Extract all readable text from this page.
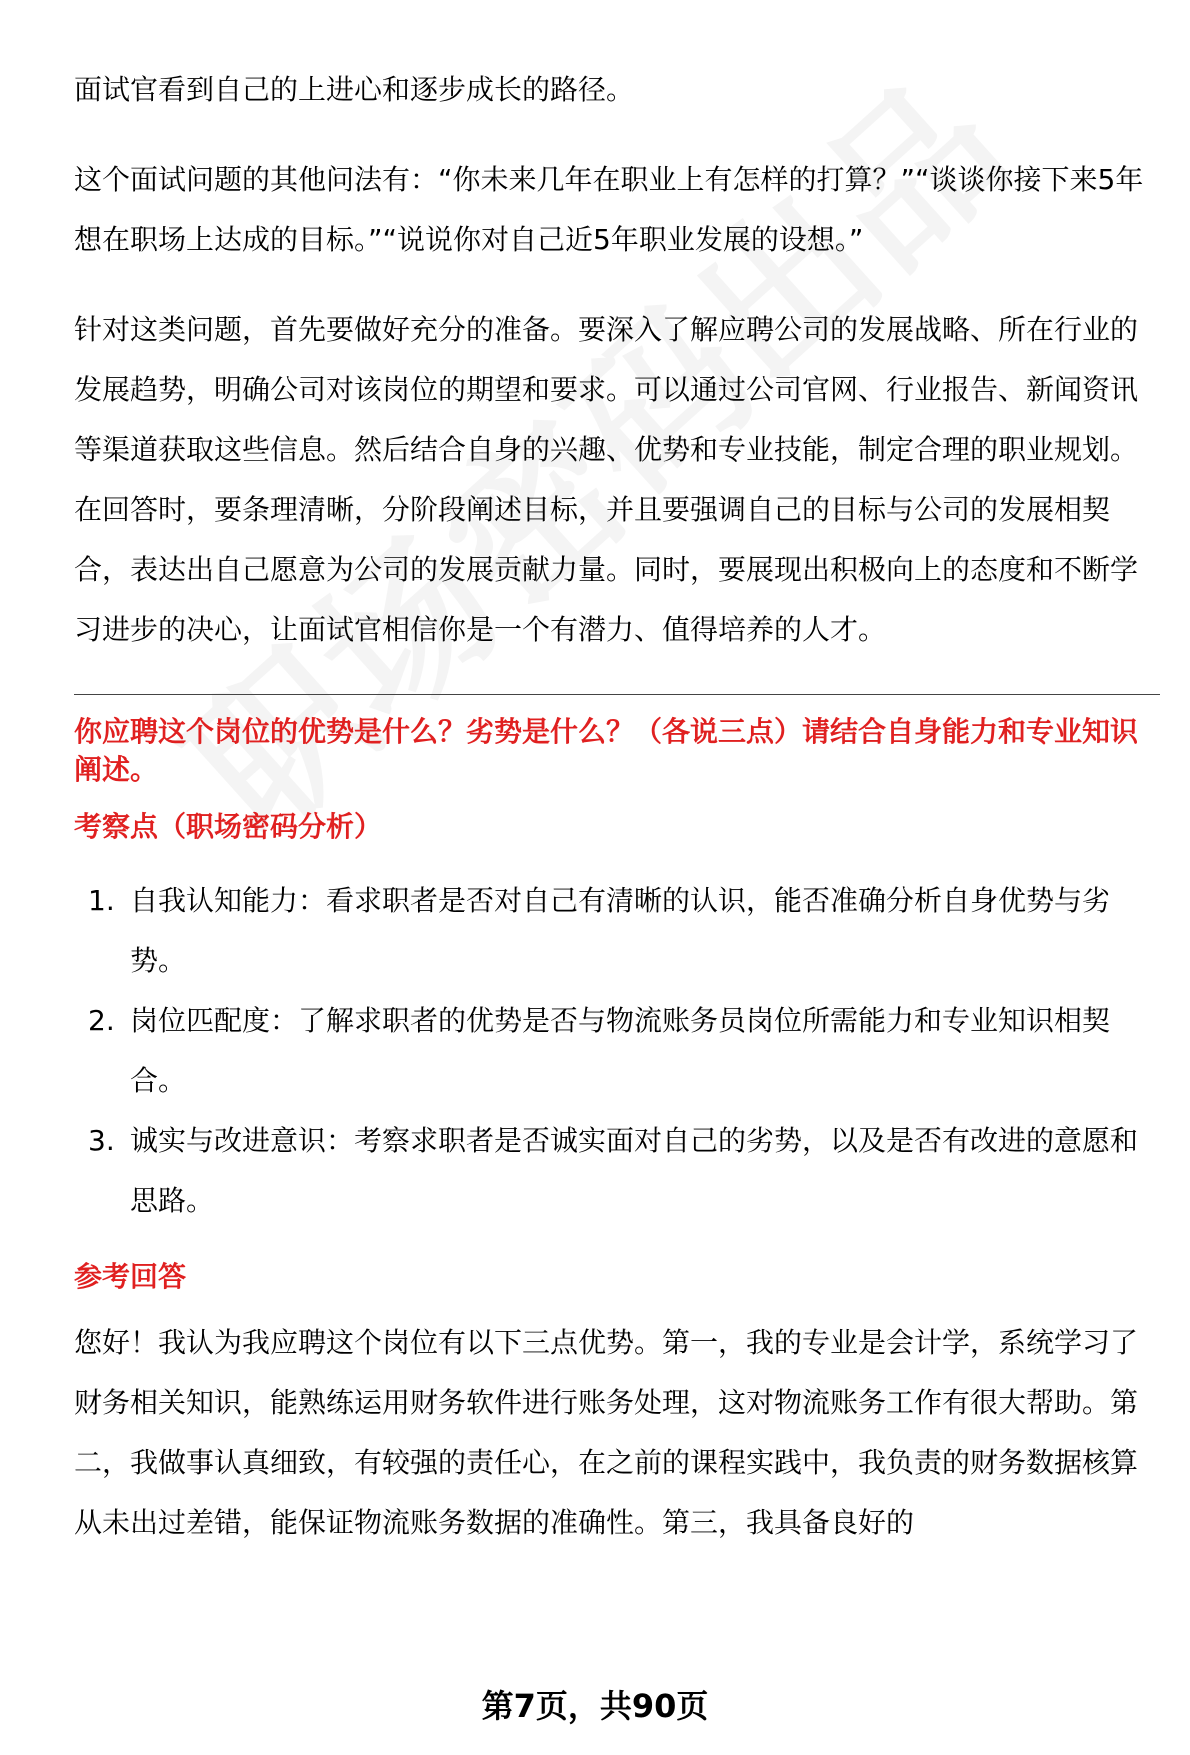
面试官看到自己的上进心和逐步成长的路径。

这个面试问题的其他问法有：“你未来几年在职业上有怎样的打算？”“谈谈你接下来5年想在职场上达成的目标。”“说说你对自己近5年职业发展的设想。”

针对这类问题，首先要做好充分的准备。要深入了解应聘公司的发展战略、所在行业的发展趋势，明确公司对该岗位的期望和要求。可以通过公司官网、行业报告、新闻资讯等渠道获取这些信息。然后结合自身的兴趣、优势和专业技能，制定合理的职业规划。在回答时，要条理清晰，分阶段阐述目标，并且要强调自己的目标与公司的发展相契合，表达出自己愿意为公司的发展贡献力量。同时，要展现出积极向上的态度和不断学习进步的决心，让面试官相信你是一个有潜力、值得培养的人才。

你应聘这个岗位的优势是什么？劣势是什么？（各说三点）请结合自身能力和专业知识阐述。
考察点（职场密码分析）
1. 自我认知能力：看求职者是否对自己有清晰的认识，能否准确分析自身优势与劣势。
2. 岗位匹配度：了解求职者的优势是否与物流账务员岗位所需能力和专业知识相契合。
3. 诚实与改进意识：考察求职者是否诚实面对自己的劣势，以及是否有改进的意愿和思路。
参考回答

您好！我认为我应聘这个岗位有以下三点优势。第一，我的专业是会计学，系统学习了财务相关知识，能熟练运用财务软件进行账务处理，这对物流账务工作有很大帮助。第二，我做事认真细致，有较强的责任心，在之前的课程实践中，我负责的财务数据核算从未出过差错，能保证物流账务数据的准确性。第三，我具备良好的

第7页，共90页
